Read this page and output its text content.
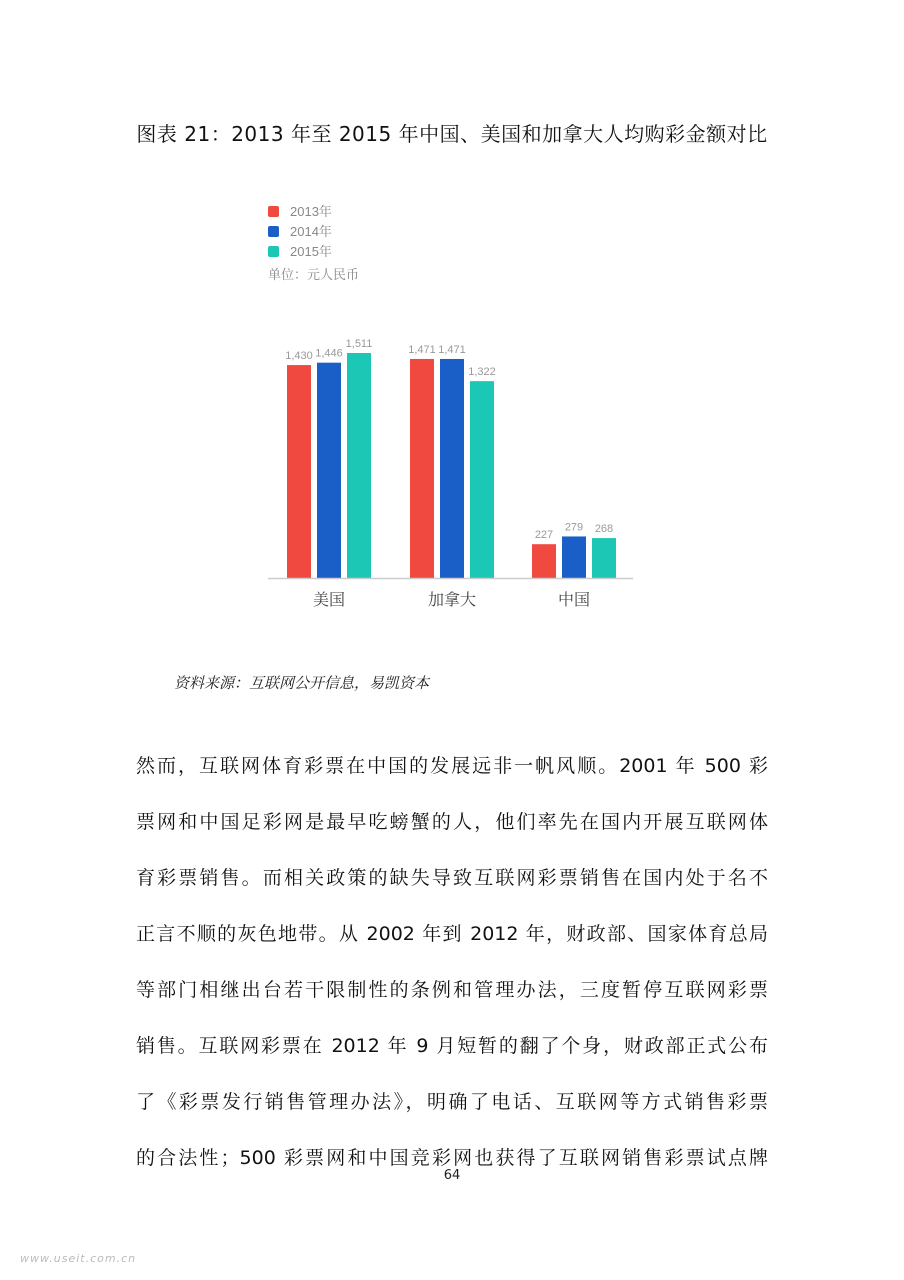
图表 21：2013 年至 2015 年中国、美国和加拿大人均购彩金额对比
2013年
2014年
2015年
单位：元人民币
1,430 1,446
1,511	1,471 1,471
1,322
227
279 268
美国	加拿大	中国
资料来源：互联网公开信息，易凯资本
然而，互联网体育彩票在中国的发展远非一帆风顺。2001 年 500 彩
票网和中国足彩网是最早吃螃蟹的人，他们率先在国内开展互联网体
育彩票销售。而相关政策的缺失导致互联网彩票销售在国内处于名不
正言不顺的灰色地带。从 2002 年到 2012 年，财政部、国家体育总局
等部门相继出台若干限制性的条例和管理办法，三度暂停互联网彩票
销售。互联网彩票在 2012 年 9 月短暂的翻了个身，财政部正式公布
了《彩票发行销售管理办法》，明确了电话、互联网等方式销售彩票
的合法性；500 彩票网和中国竞彩网也获得了互联网销售彩票试点牌
64
www.useit.com.cn
